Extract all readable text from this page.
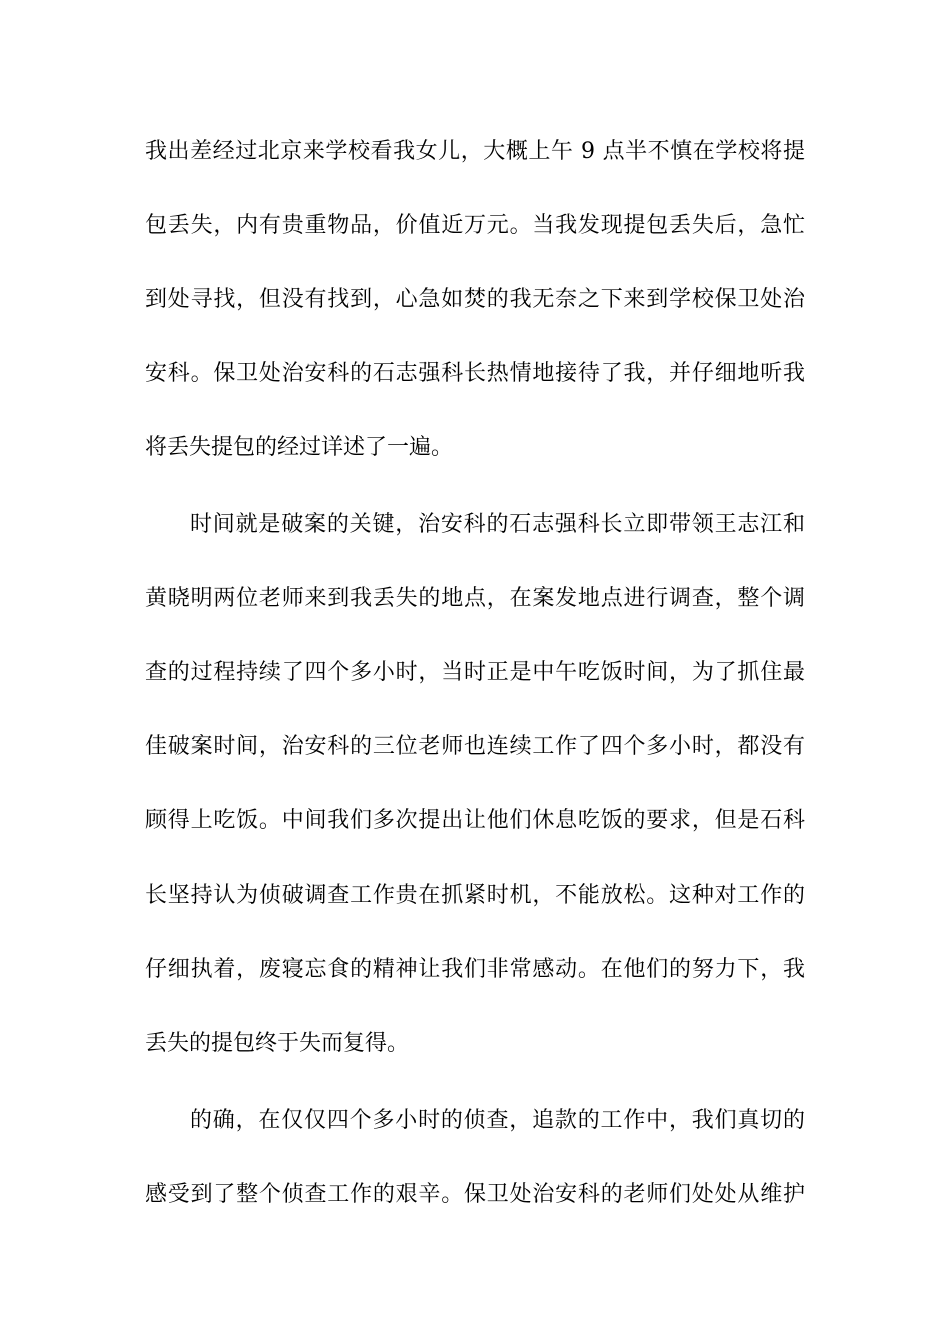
我出差经过北京来学校看我女儿，大概上午 9 点半不慎在学校将提
包丢失，内有贵重物品，价值近万元。当我发现提包丢失后，急忙
到处寻找，但没有找到，心急如焚的我无奈之下来到学校保卫处治
安科。保卫处治安科的石志强科长热情地接待了我，并仔细地听我
将丢失提包的经过详述了一遍。
时间就是破案的关键，治安科的石志强科长立即带领王志江和
黄晓明两位老师来到我丢失的地点，在案发地点进行调查，整个调
查的过程持续了四个多小时，当时正是中午吃饭时间，为了抓住最
佳破案时间，治安科的三位老师也连续工作了四个多小时，都没有
顾得上吃饭。中间我们多次提出让他们休息吃饭的要求，但是石科
长坚持认为侦破调查工作贵在抓紧时机，不能放松。这种对工作的
仔细执着，废寝忘食的精神让我们非常感动。在他们的努力下，我
丢失的提包终于失而复得。
的确，在仅仅四个多小时的侦查，追款的工作中，我们真切的
感受到了整个侦查工作的艰辛。保卫处治安科的老师们处处从维护
